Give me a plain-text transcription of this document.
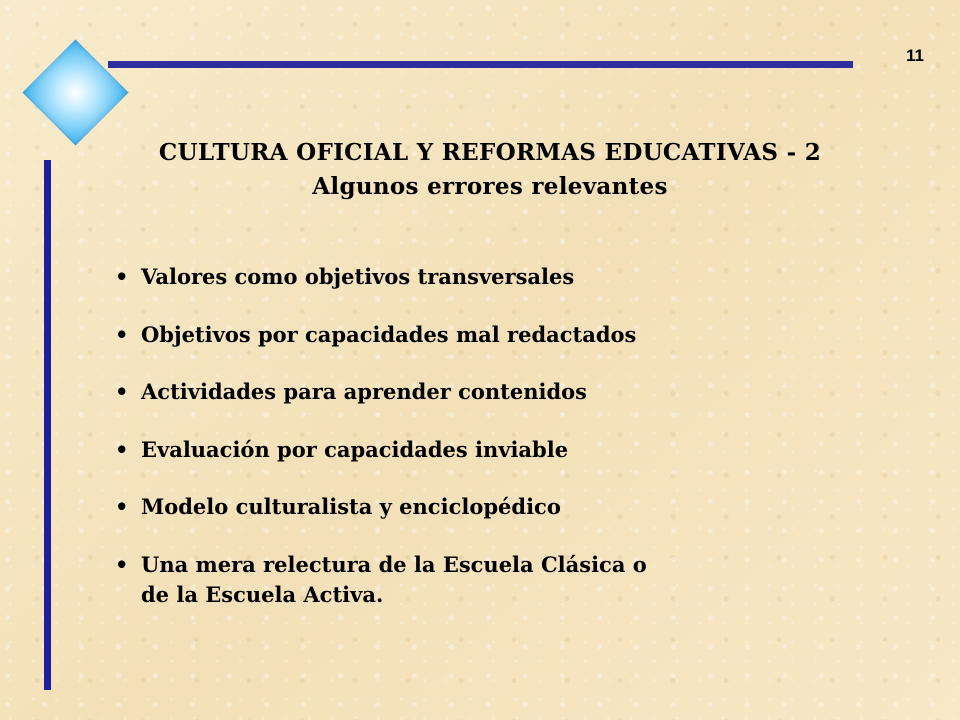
11
CULTURA OFICIAL Y REFORMAS EDUCATIVAS - 2
Algunos errores relevantes
• Valores como objetivos transversales
• Objetivos por capacidades mal redactados
• Actividades para aprender contenidos
• Evaluación por capacidades inviable
• Modelo culturalista y enciclopédico
• Una mera relectura de la Escuela Clásica o
de la Escuela Activa.
